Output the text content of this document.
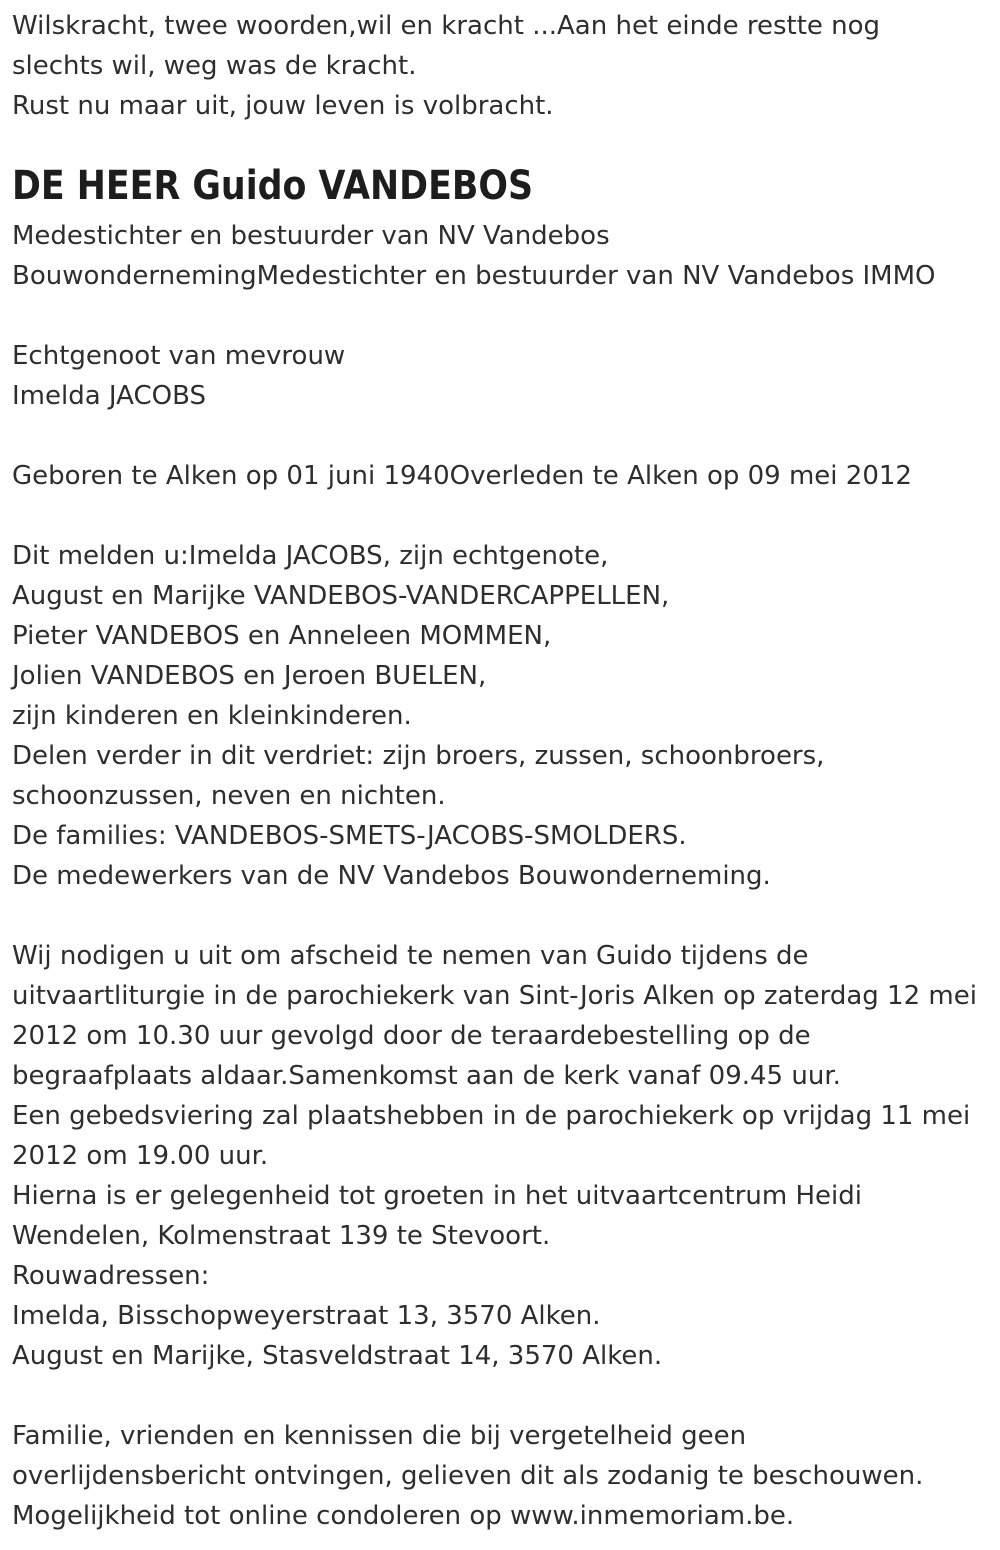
Wilskracht, twee woorden,wil en kracht ...Aan het einde restte nog
slechts wil, weg was de kracht.
Rust nu maar uit, jouw leven is volbracht.
DE HEER Guido VANDEBOS
Medestichter en bestuurder van NV Vandebos
BouwondernemingMedestichter en bestuurder van NV Vandebos IMMO
Echtgenoot van mevrouw
Imelda JACOBS
Geboren te Alken op 01 juni 1940Overleden te Alken op 09 mei 2012
Dit melden u:Imelda JACOBS, zijn echtgenote,
August en Marijke VANDEBOS-VANDERCAPPELLEN,
Pieter VANDEBOS en Anneleen MOMMEN,
Jolien VANDEBOS en Jeroen BUELEN,
zijn kinderen en kleinkinderen.
Delen verder in dit verdriet: zijn broers, zussen, schoonbroers,
schoonzussen, neven en nichten.
De families: VANDEBOS-SMETS-JACOBS-SMOLDERS.
De medewerkers van de NV Vandebos Bouwonderneming.
Wij nodigen u uit om afscheid te nemen van Guido tijdens de
uitvaartliturgie in de parochiekerk van Sint-Joris Alken op zaterdag 12 mei
2012 om 10.30 uur gevolgd door de teraardebestelling op de
begraafplaats aldaar.Samenkomst aan de kerk vanaf 09.45 uur.
Een gebedsviering zal plaatshebben in de parochiekerk op vrijdag 11 mei
2012 om 19.00 uur.
Hierna is er gelegenheid tot groeten in het uitvaartcentrum Heidi
Wendelen, Kolmenstraat 139 te Stevoort.
Rouwadressen:
Imelda, Bisschopweyerstraat 13, 3570 Alken.
August en Marijke, Stasveldstraat 14, 3570 Alken.
Familie, vrienden en kennissen die bij vergetelheid geen
overlijdensbericht ontvingen, gelieven dit als zodanig te beschouwen.
Mogelijkheid tot online condoleren op www.inmemoriam.be.
